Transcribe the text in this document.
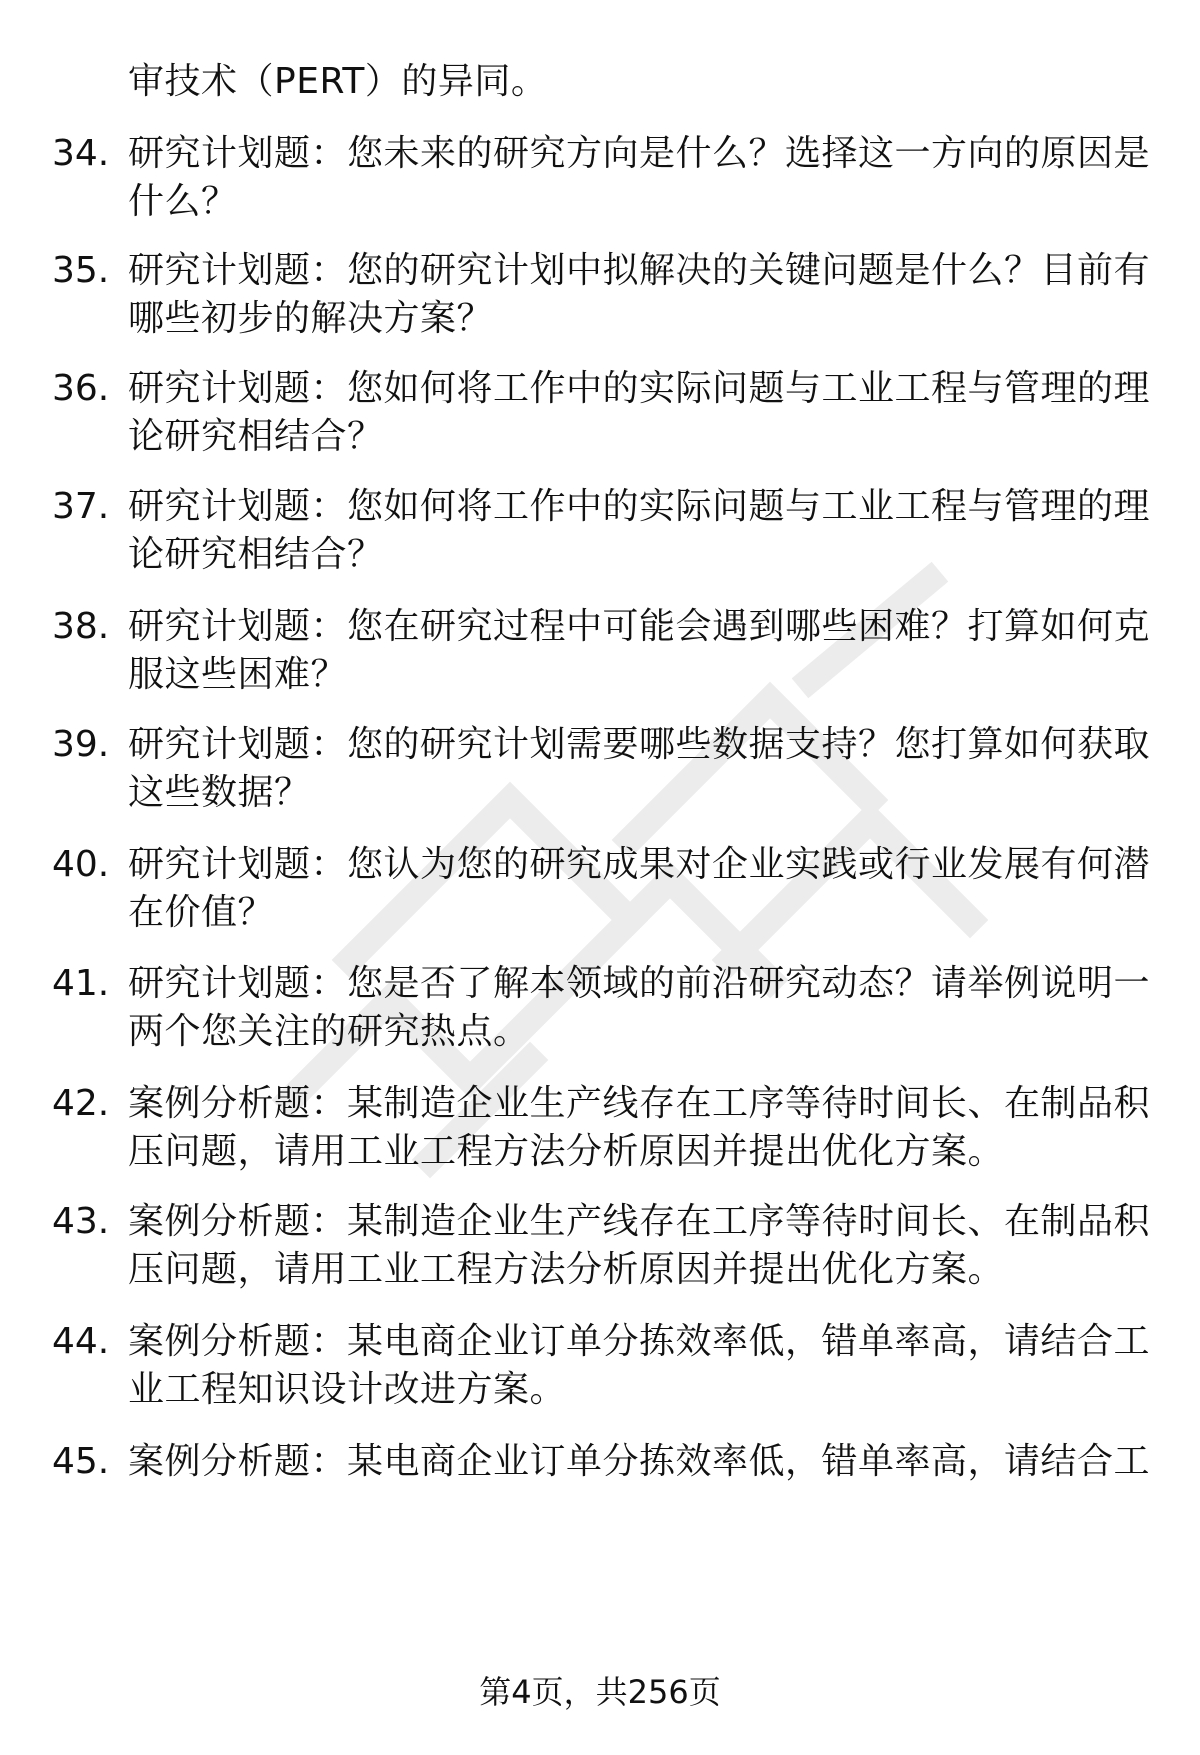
审技术（PERT）的异同。
34. 研究计划题：您未来的研究方向是什么？选择这一方向的原因是
什么？
35. 研究计划题：您的研究计划中拟解决的关键问题是什么？目前有
哪些初步的解决方案？
36. 研究计划题：您如何将工作中的实际问题与工业工程与管理的理
论研究相结合？
37. 研究计划题：您如何将工作中的实际问题与工业工程与管理的理
论研究相结合？
38. 研究计划题：您在研究过程中可能会遇到哪些困难？打算如何克
服这些困难？
39. 研究计划题：您的研究计划需要哪些数据支持？您打算如何获取
这些数据？
40. 研究计划题：您认为您的研究成果对企业实践或行业发展有何潜
在价值？
41. 研究计划题：您是否了解本领域的前沿研究动态？请举例说明一
两个您关注的研究热点。
42. 案例分析题：某制造企业生产线存在工序等待时间长、在制品积
压问题，请用工业工程方法分析原因并提出优化方案。
43. 案例分析题：某制造企业生产线存在工序等待时间长、在制品积
压问题，请用工业工程方法分析原因并提出优化方案。
44. 案例分析题：某电商企业订单分拣效率低，错单率高，请结合工
业工程知识设计改进方案。
45. 案例分析题：某电商企业订单分拣效率低，错单率高，请结合工
第4页，共256页
